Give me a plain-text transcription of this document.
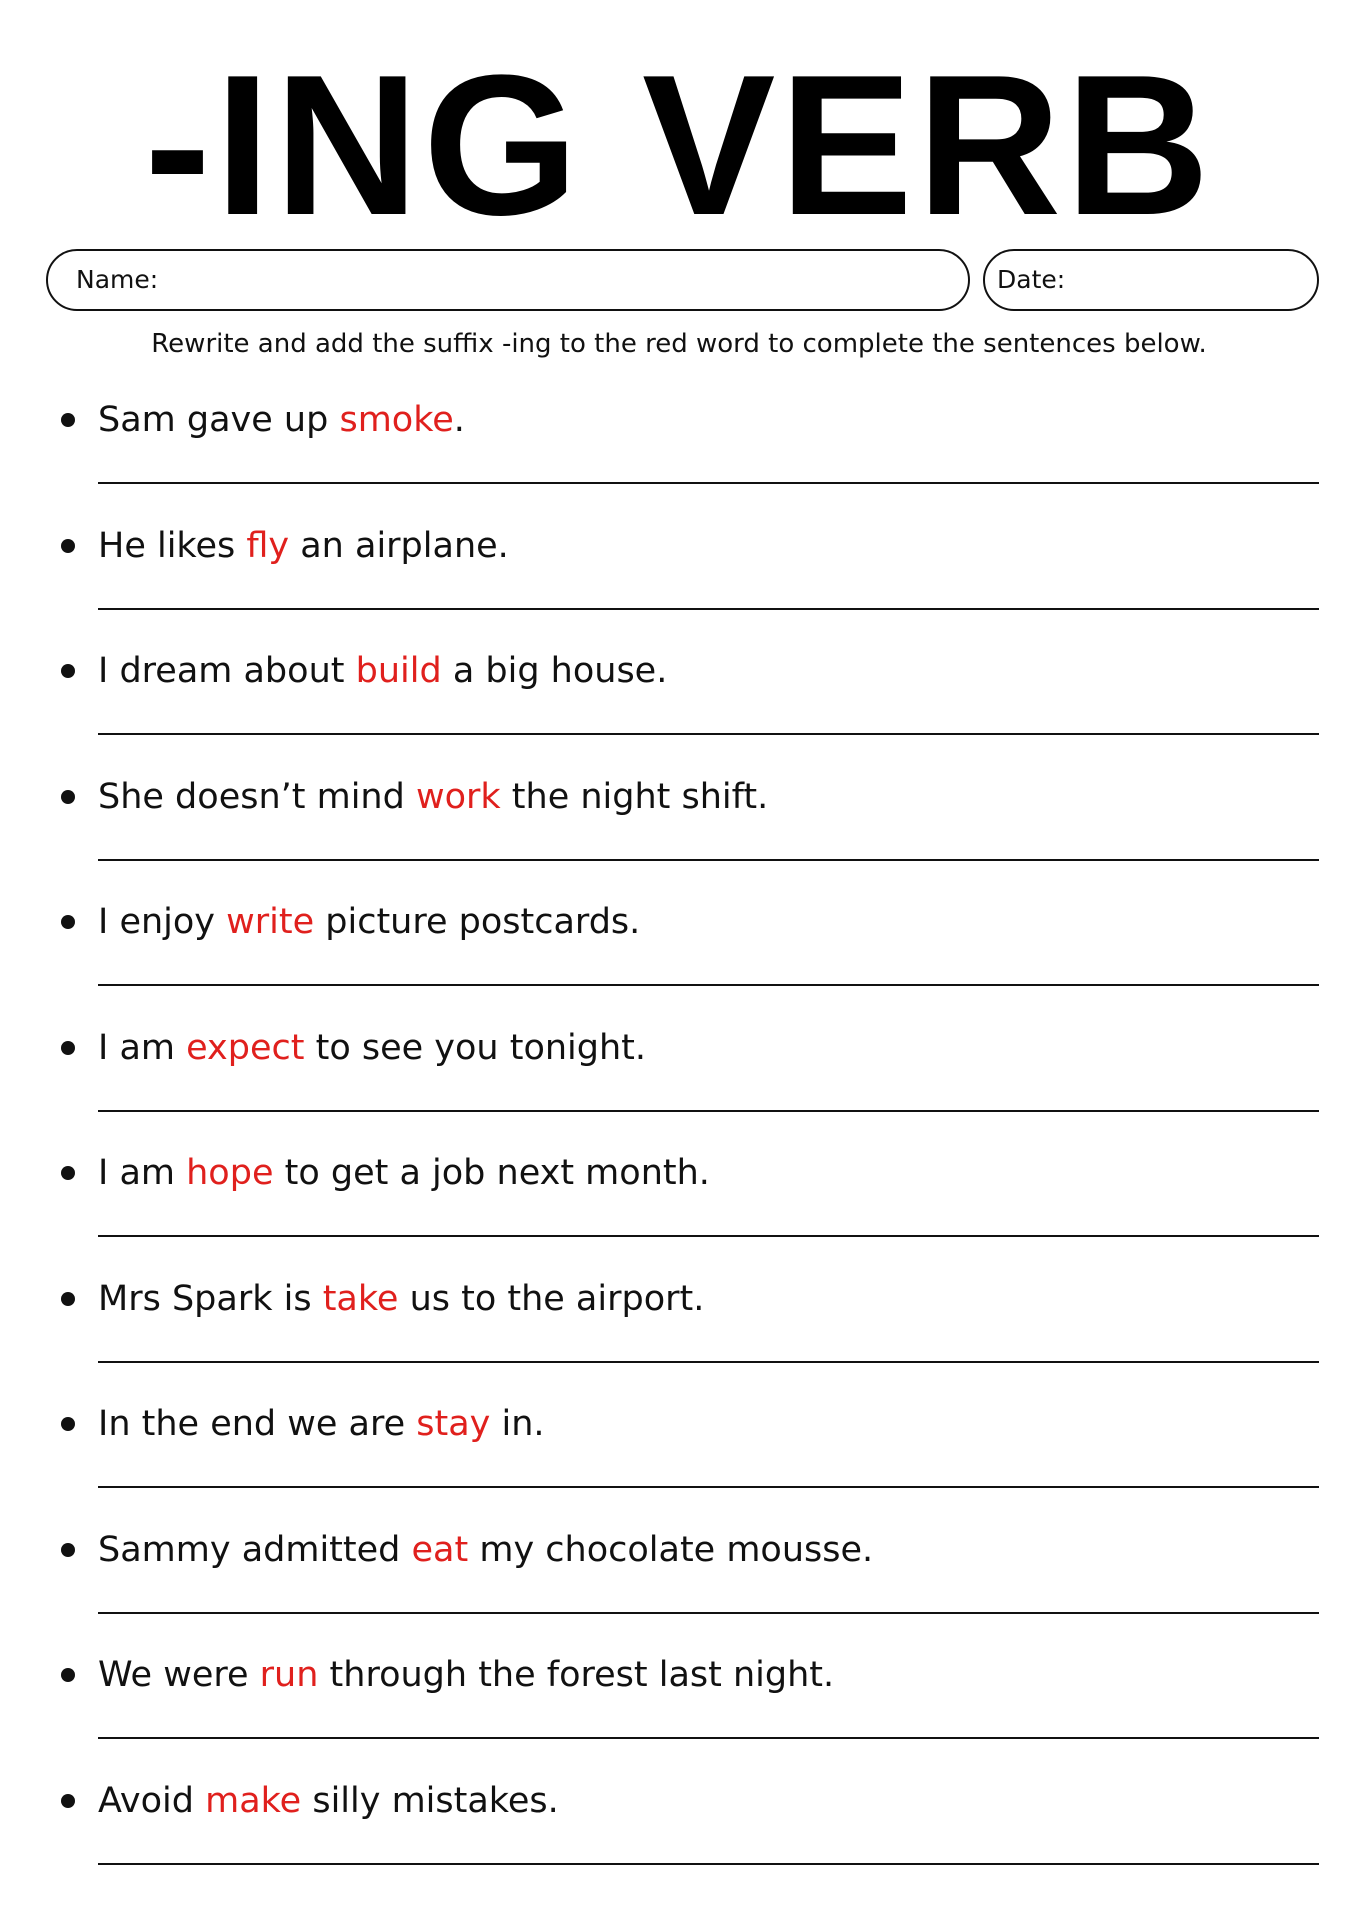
-ING VERB
Name:	Date:
Rewrite and add the suffix -ing to the red word to complete the sentences below.
Sam gave up smoke.
He likes fly an airplane.
I dream about build a big house.
She doesn’t mind work the night shift.
I enjoy write picture postcards.
I am expect to see you tonight.
I am hope to get a job next month.
Mrs Spark is take us to the airport.
In the end we are stay in.
Sammy admitted eat my chocolate mousse.
We were run through the forest last night.
Avoid make silly mistakes.
